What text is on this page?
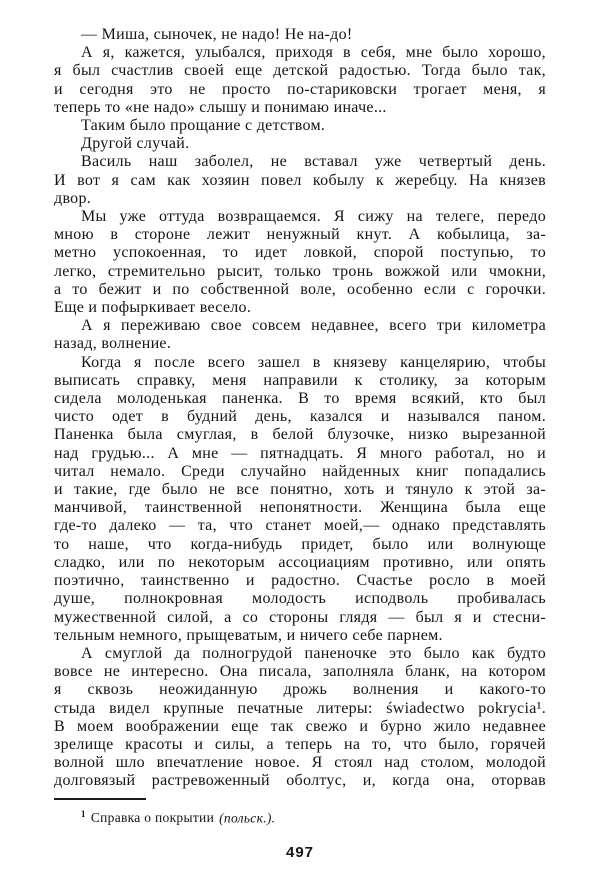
— Миша, сыночек, не надо! Не на-до!
А я, кажется, улыбался, приходя в себя, мне было хорошо,
я был счастлив своей еще детской радостью. Тогда было так,
и сегодня это не просто по-стариковски трогает меня, я
теперь то «не надо» слышу и понимаю иначе...
Таким было прощание с детством.
Другой случай.
Василь наш заболел, не вставал уже четвертый день.
И вот я сам как хозяин повел кобылу к жеребцу. На князев
двор.
Мы уже оттуда возвращаемся. Я сижу на телеге, передо
мною в стороне лежит ненужный кнут. А кобылица, за-
метно успокоенная, то идет ловкой, спорой поступью, то
легко, стремительно рысит, только тронь вожжой или чмокни,
а то бежит и по собственной воле, особенно если с горочки.
Еще и пофыркивает весело.
А я переживаю свое совсем недавнее, всего три километра
назад, волнение.
Когда я после всего зашел в князеву канцелярию, чтобы
выписать справку, меня направили к столику, за которым
сидела молоденькая паненка. В то время всякий, кто был
чисто одет в будний день, казался и назывался паном.
Паненка была смуглая, в белой блузочке, низко вырезанной
над грудью... А мне — пятнадцать. Я много работал, но и
читал немало. Среди случайно найденных книг попадались
и такие, где было не все понятно, хоть и тянуло к этой за-
манчивой, таинственной непонятности. Женщина была еще
где-то далеко — та, что станет моей,— однако представлять
то наше, что когда-нибудь придет, было или волнующе
сладко, или по некоторым ассоциациям противно, или опять
поэтично, таинственно и радостно. Счастье росло в моей
душе, полнокровная молодость исподволь пробивалась
мужественной силой, а со стороны глядя — был я и стесни-
тельным немного, прыщеватым, и ничего себе парнем.
А смуглой да полногрудой паненочке это было как будто
вовсе не интересно. Она писала, заполняла бланк, на котором
я сквозь неожиданную дрожь волнения и какого-то
стыда видел крупные печатные литеры: świadectwo pokrycia¹.
В моем воображении еще так свежо и бурно жило недавнее
зрелище красоты и силы, а теперь на то, что было, горячей
волной шло впечатление новое. Я стоял над столом, молодой
долговязый растревоженный оболтус, и, когда она, оторвав
$^1$ Справка о покрытии (польск.).
497
